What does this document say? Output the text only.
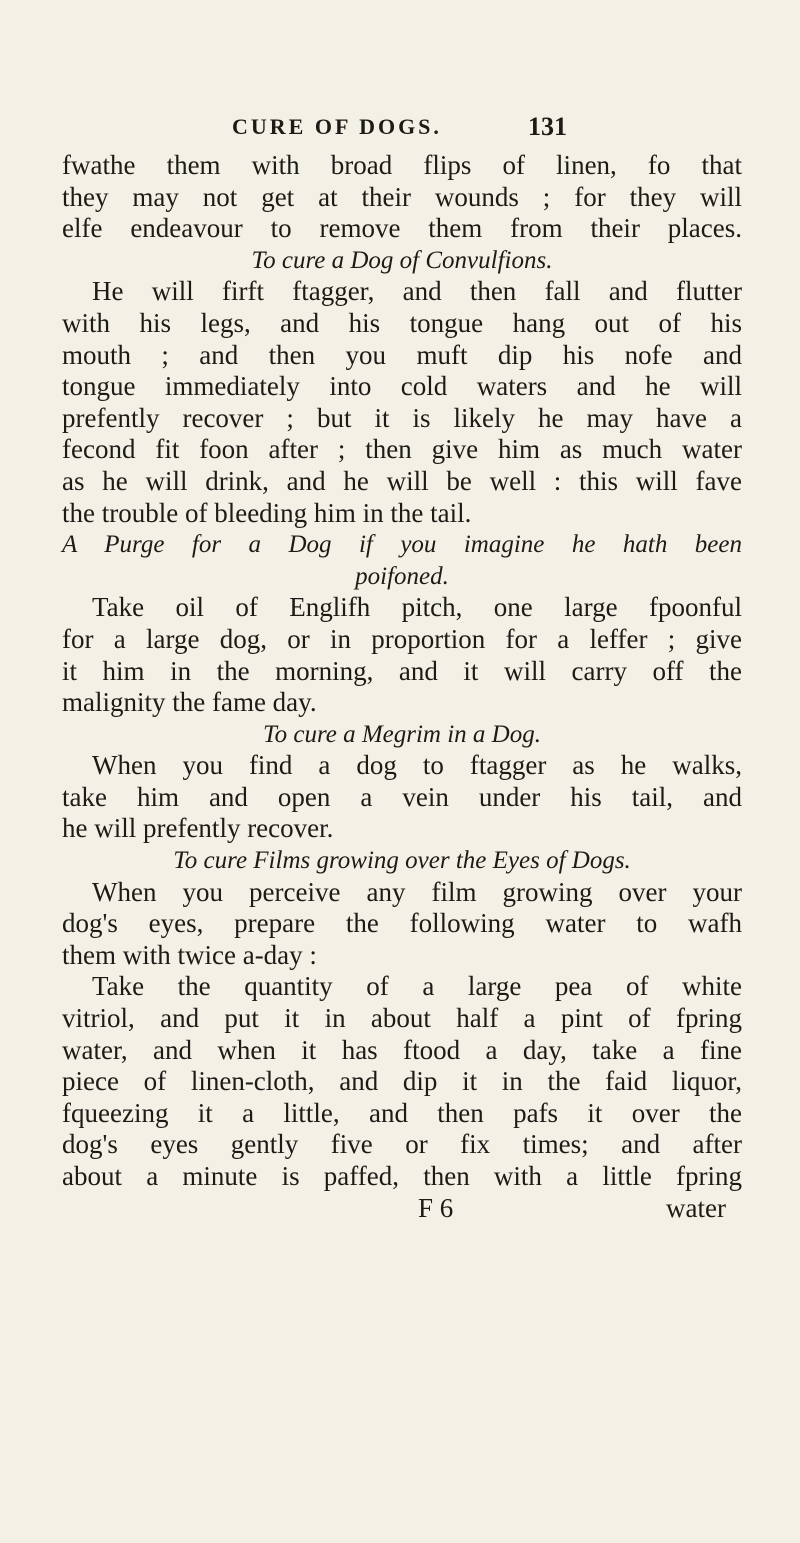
CURE OF DOGS.	131
fwathe them with broad flips of linen, fo that
they may not get at their wounds ; for they will
elfe endeavour to remove them from their places.
To cure a Dog of Convulfions.
He will firft ftagger, and then fall and flutter
with his legs, and his tongue hang out of his
mouth ; and then you muft dip his nofe and
tongue immediately into cold waters and he will
prefently recover ; but it is likely he may have a
fecond fit foon after ; then give him as much water
as he will drink, and he will be well : this will fave
the trouble of bleeding him in the tail.
A Purge for a Dog if you imagine he hath been
poifoned.
Take oil of Englifh pitch, one large fpoonful
for a large dog, or in proportion for a leffer ; give
it him in the morning, and it will carry off the
malignity the fame day.
To cure a Megrim in a Dog.
When you find a dog to ftagger as he walks,
take him and open a vein under his tail, and
he will prefently recover.
To cure Films growing over the Eyes of Dogs.
When you perceive any film growing over your
dog's eyes, prepare the following water to wafh
them with twice a-day :
Take the quantity of a large pea of white
vitriol, and put it in about half a pint of fpring
water, and when it has ftood a day, take a fine
piece of linen-cloth, and dip it in the faid liquor,
fqueezing it a little, and then pafs it over the
dog's eyes gently five or fix times; and after
about a minute is paffed, then with a little fpring
F 6	water
